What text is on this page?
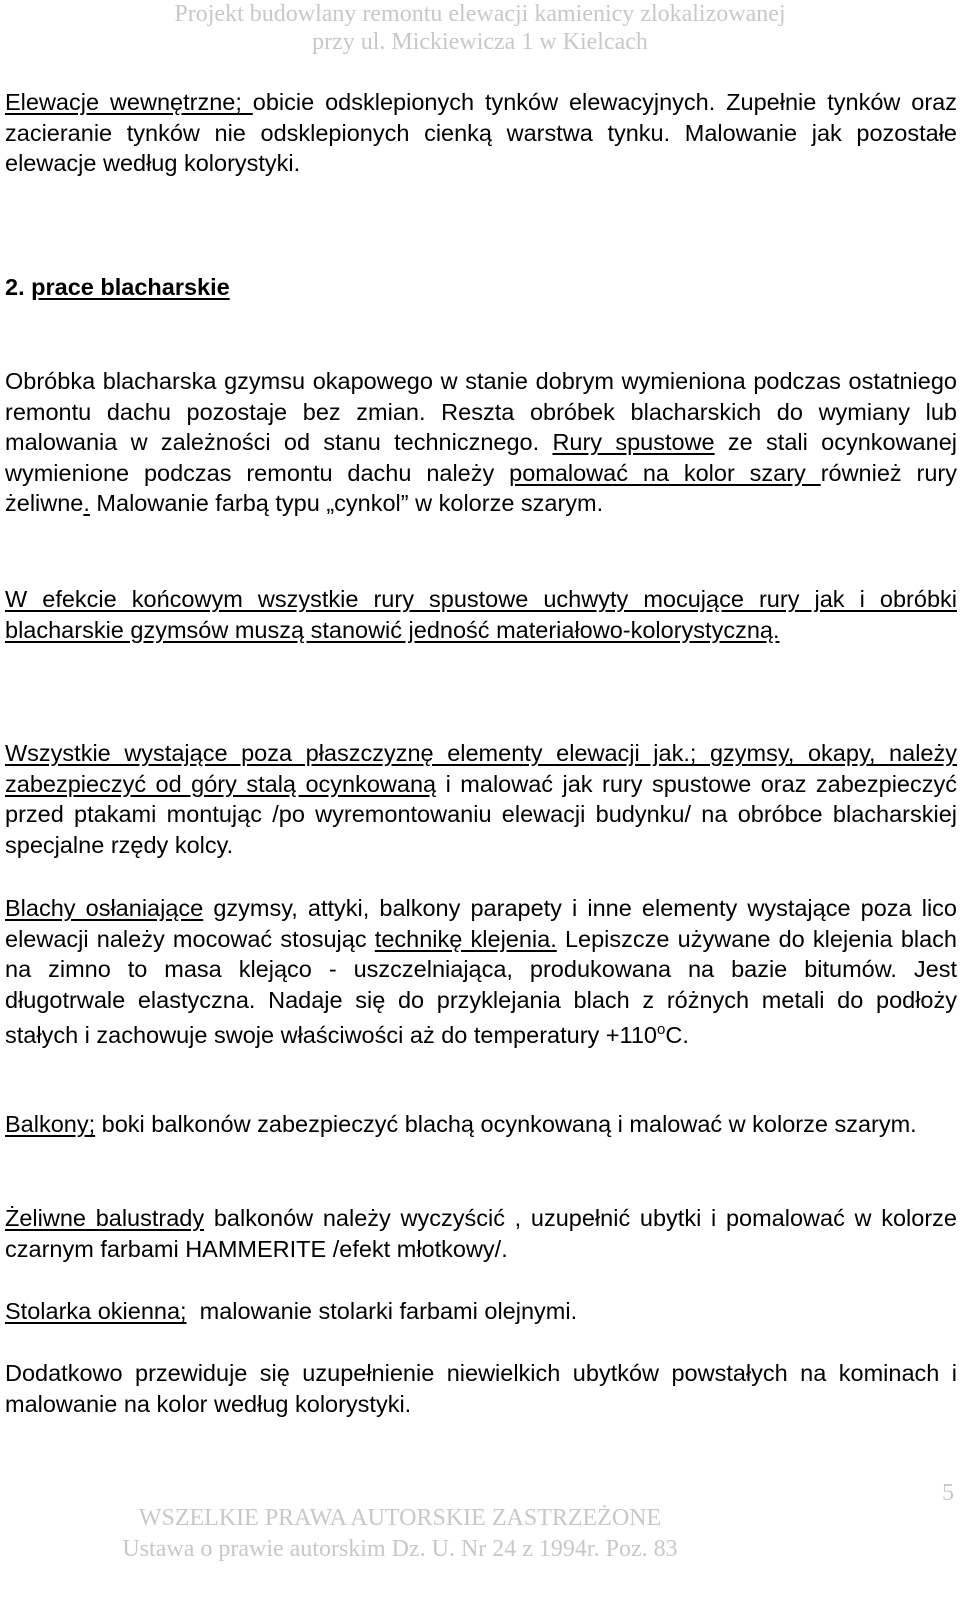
Projekt budowlany remontu elewacji kamienicy zlokalizowanej
przy ul. Mickiewicza 1 w Kielcach

Elewacje wewnętrzne; obicie odsklepionych tynków elewacyjnych. Zupełnie tynków oraz zacieranie tynków nie odsklepionych cienką warstwa tynku. Malowanie jak pozostałe elewacje według kolorystyki.

2. prace blacharskie

Obróbka blacharska gzymsu okapowego w stanie dobrym wymieniona podczas ostatniego remontu dachu pozostaje bez zmian. Reszta obróbek blacharskich do wymiany lub malowania w zależności od stanu technicznego. Rury spustowe ze stali ocynkowanej wymienione podczas remontu dachu należy pomalować na kolor szary również rury żeliwne. Malowanie farbą typu „cynkol” w kolorze szarym.

W efekcie końcowym wszystkie rury spustowe uchwyty mocujące rury jak i obróbki blacharskie gzymsów muszą stanowić jedność materiałowo-kolorystyczną.

Wszystkie wystające poza płaszczyznę elementy elewacji jak.; gzymsy, okapy, należy zabezpieczyć od góry stalą ocynkowaną i malować jak rury spustowe oraz zabezpieczyć przed ptakami montując /po wyremontowaniu elewacji budynku/ na obróbce blacharskiej specjalne rzędy kolcy.

Blachy osłaniające gzymsy, attyki, balkony parapety i inne elementy wystające poza lico elewacji należy mocować stosując technikę klejenia. Lepiszcze używane do klejenia blach na zimno to masa klejąco - uszczelniająca, produkowana na bazie bitumów. Jest długotrwale elastyczna. Nadaje się do przyklejania blach z różnych metali do podłoży stałych i zachowuje swoje właściwości aż do temperatury $+110^oC$.

Balkony; boki balkonów zabezpieczyć blachą ocynkowaną i malować w kolorze szarym.

Żeliwne balustrady balkonów należy wyczyścić , uzupełnić ubytki i pomalować w kolorze czarnym farbami HAMMERITE /efekt młotkowy/.

Stolarka okienna;  malowanie stolarki farbami olejnymi.

Dodatkowo przewiduje się uzupełnienie niewielkich ubytków powstałych na kominach i malowanie na kolor według kolorystyki.

5
WSZELKIE PRAWA AUTORSKIE ZASTRZEŻONE
Ustawa o prawie autorskim Dz. U. Nr 24 z 1994r. Poz. 83
